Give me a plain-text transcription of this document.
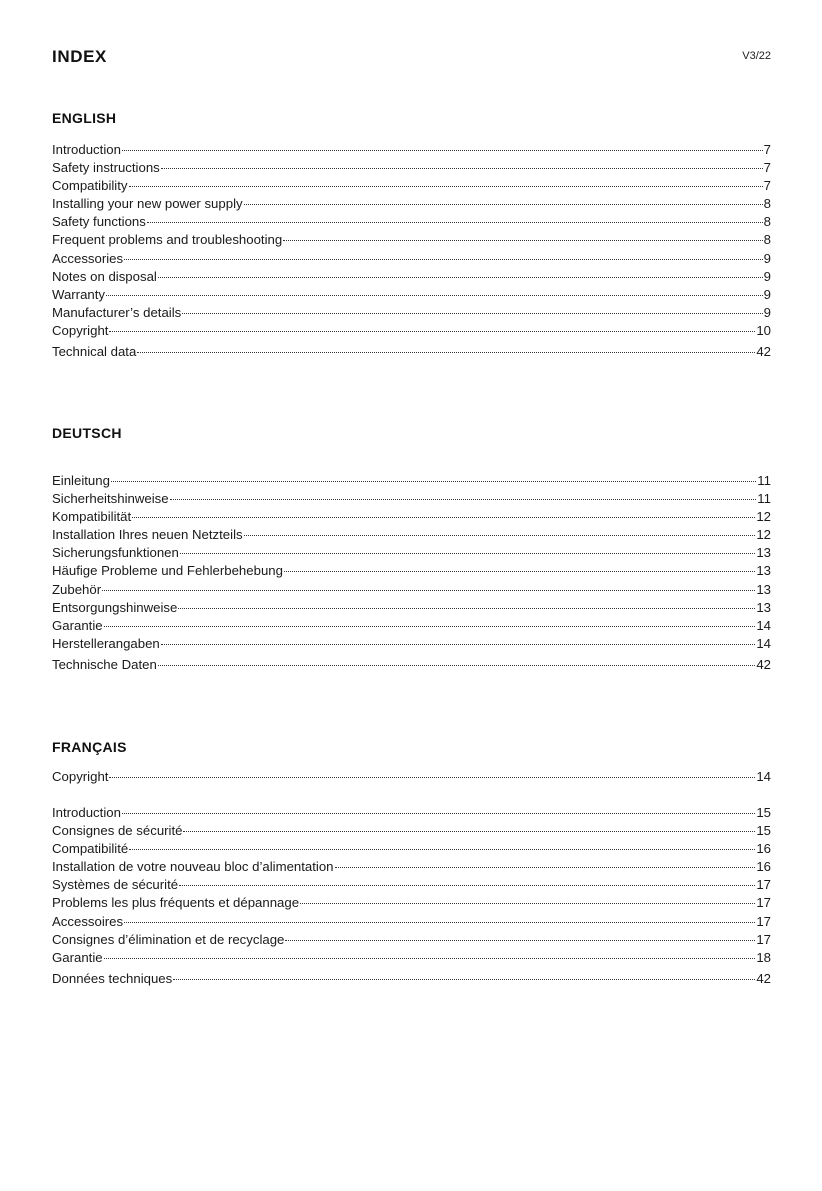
INDEX	V3/22
ENGLISH
Introduction	7
Safety instructions	7
Compatibility	7
Installing your new power supply	8
Safety functions	8
Frequent problems and troubleshooting	8
Accessories	9
Notes on disposal	9
Warranty	9
Manufacturer’s details	9
Copyright	10
Technical data	42
DEUTSCH
Einleitung	11
Sicherheitshinweise	11
Kompatibilität	12
Installation Ihres neuen Netzteils	12
Sicherungsfunktionen	13
Häufige Probleme und Fehlerbehebung	13
Zubehör	13
Entsorgungshinweise	13
Garantie	14
Herstellerangaben	14
Technische Daten	42
FRANÇAIS
Copyright	14
Introduction	15
Consignes de sécurité	15
Compatibilité	16
Installation de votre nouveau bloc d’alimentation	16
Systèmes de sécurité	17
Problems les plus fréquents et dépannage	17
Accessoires	17
Consignes d’élimination et de recyclage	17
Garantie	18
Données techniques	42
